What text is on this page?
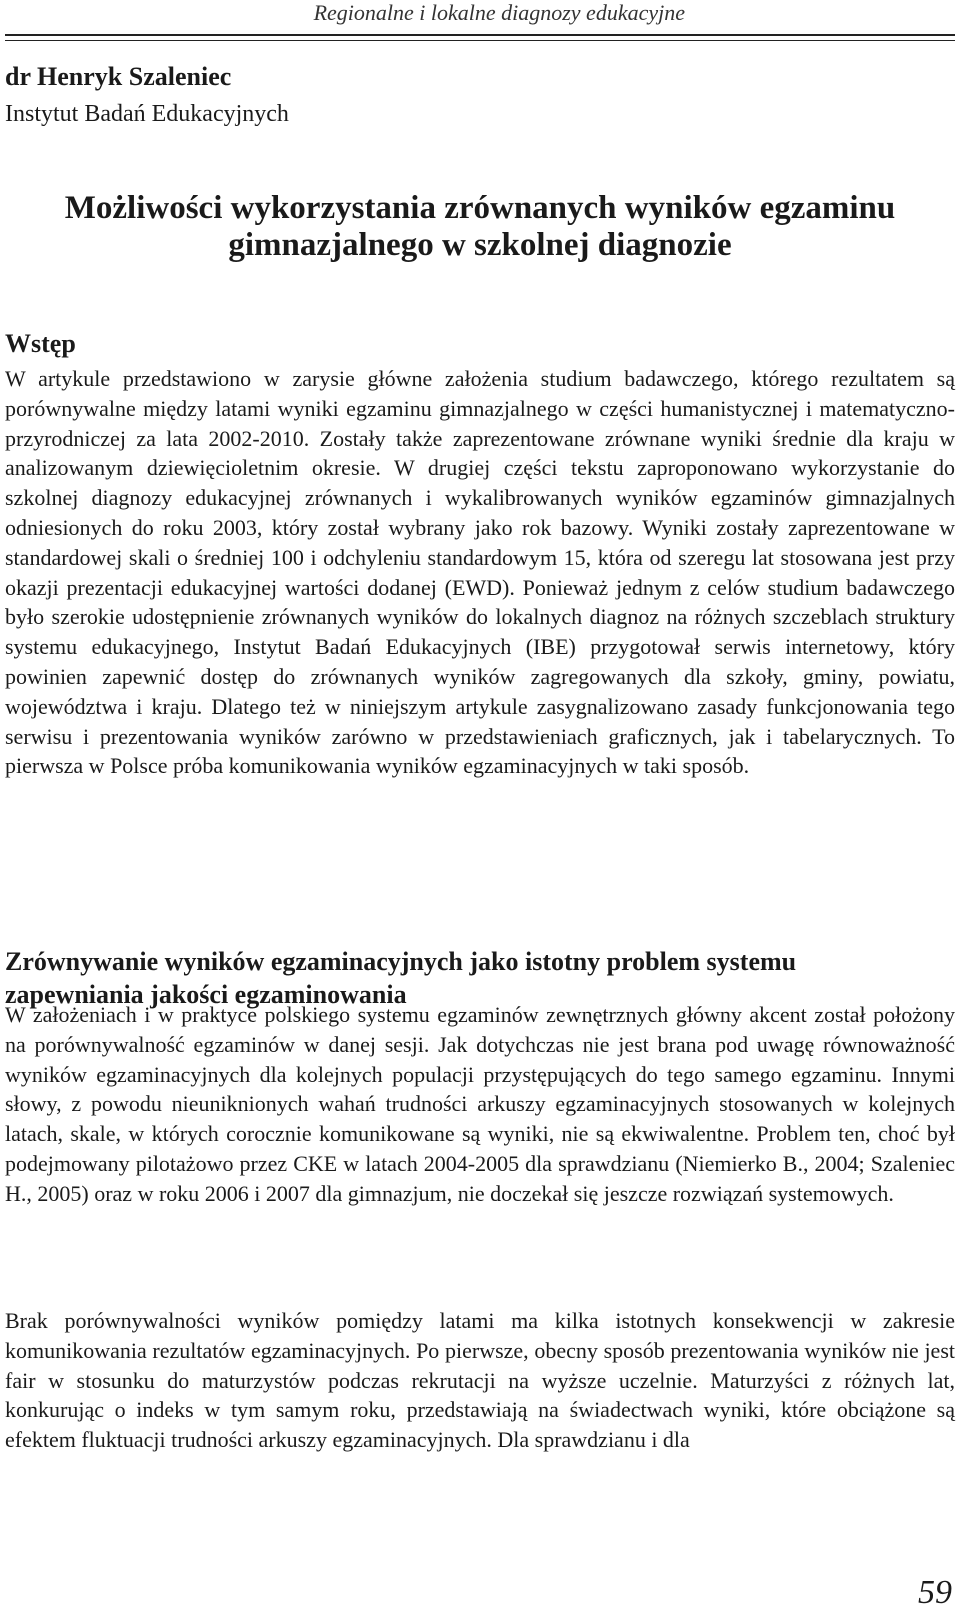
Regionalne i lokalne diagnozy edukacyjne
dr Henryk Szaleniec
Instytut Badań Edukacyjnych
Możliwości wykorzystania zrównanych wyników egzaminu gimnazjalnego w szkolnej diagnozie
Wstęp
W artykule przedstawiono w zarysie główne założenia studium badawczego, którego rezultatem są porównywalne między latami wyniki egzaminu gimnazjalnego w części humanistycznej i matematyczno-przyrodniczej za lata 2002-2010. Zostały także zaprezentowane zrównane wyniki średnie dla kraju w analizowanym dziewięcioletnim okresie. W drugiej części tekstu zaproponowano wykorzystanie do szkolnej diagnozy edukacyjnej zrównanych i wykalibrowanych wyników egzaminów gimnazjalnych odniesionych do roku 2003, który został wybrany jako rok bazowy. Wyniki zostały zaprezentowane w standardowej skali o średniej 100 i odchyleniu standardowym 15, która od szeregu lat stosowana jest przy okazji prezentacji edukacyjnej wartości dodanej (EWD). Ponieważ jednym z celów studium badawczego było szerokie udostępnienie zrównanych wyników do lokalnych diagnoz na różnych szczeblach struktury systemu edukacyjnego, Instytut Badań Edukacyjnych (IBE) przygotował serwis internetowy, który powinien zapewnić dostęp do zrównanych wyników zagregowanych dla szkoły, gminy, powiatu, województwa i kraju. Dlatego też w niniejszym artykule zasygnalizowano zasady funkcjonowania tego serwisu i prezentowania wyników zarówno w przedstawieniach graficznych, jak i tabelarycznych. To pierwsza w Polsce próba komunikowania wyników egzaminacyjnych w taki sposób.
Zrównywanie wyników egzaminacyjnych jako istotny problem systemu zapewniania jakości egzaminowania
W założeniach i w praktyce polskiego systemu egzaminów zewnętrznych główny akcent został położony na porównywalność egzaminów w danej sesji. Jak dotychczas nie jest brana pod uwagę równoważność wyników egzaminacyjnych dla kolejnych populacji przystępujących do tego samego egzaminu. Innymi słowy, z powodu nieuniknionych wahań trudności arkuszy egzaminacyjnych stosowanych w kolejnych latach, skale, w których corocznie komunikowane są wyniki, nie są ekwiwalentne. Problem ten, choć był podejmowany pilotażowo przez CKE w latach 2004-2005 dla sprawdzianu (Niemierko B., 2004; Szaleniec H., 2005) oraz w roku 2006 i 2007 dla gimnazjum, nie doczekał się jeszcze rozwiązań systemowych.
Brak porównywalności wyników pomiędzy latami ma kilka istotnych konsekwencji w zakresie komunikowania rezultatów egzaminacyjnych. Po pierwsze, obecny sposób prezentowania wyników nie jest fair w stosunku do maturzystów podczas rekrutacji na wyższe uczelnie. Maturzyści z różnych lat, konkurując o indeks w tym samym roku, przedstawiają na świadectwach wyniki, które obciążone są efektem fluktuacji trudności arkuszy egzaminacyjnych. Dla sprawdzianu i dla
59
